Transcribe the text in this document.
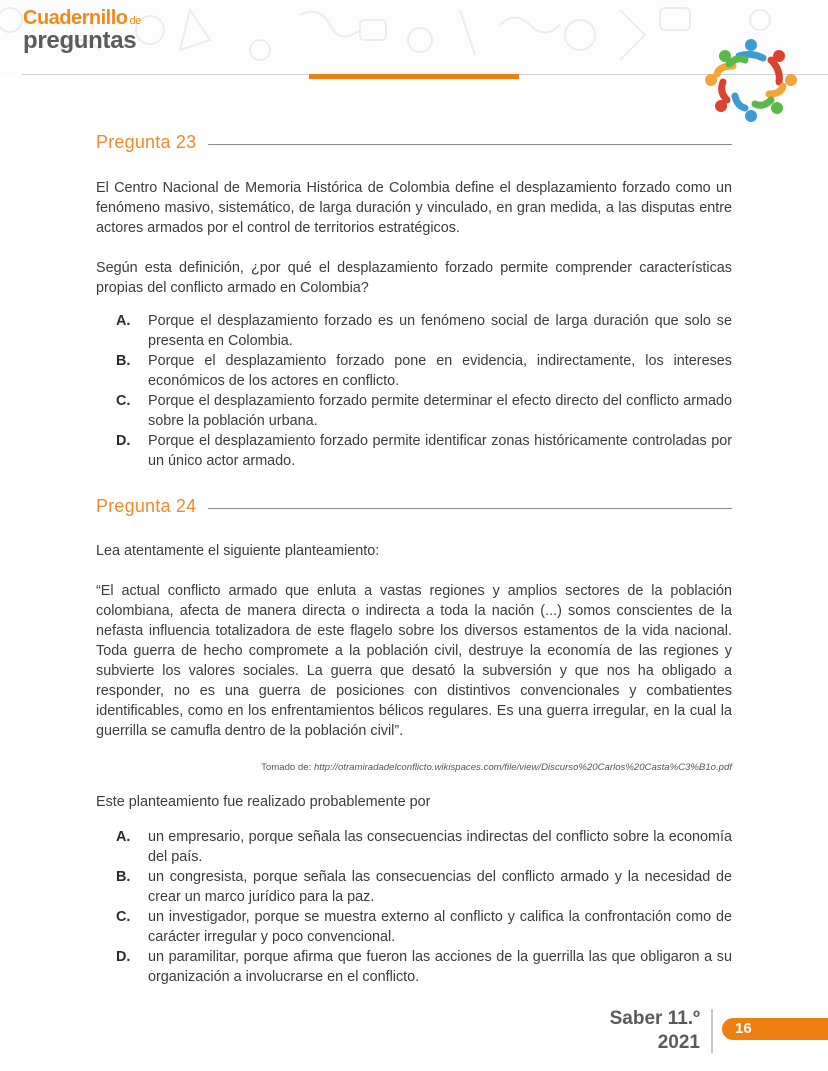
Cuadernillo de
preguntas
Pregunta 23
El Centro Nacional de Memoria Histórica de Colombia define el desplazamiento forzado como un fenómeno masivo, sistemático, de larga duración y vinculado, en gran medida, a las disputas entre actores armados por el control de territorios estratégicos.
Según esta definición, ¿por qué el desplazamiento forzado permite comprender características propias del conflicto armado en Colombia?
A.	Porque el desplazamiento forzado es un fenómeno social de larga duración que solo se presenta en Colombia.
B.	Porque el desplazamiento forzado pone en evidencia, indirectamente, los intereses económicos de los actores en conflicto.
C.	Porque el desplazamiento forzado permite determinar el efecto directo del conflicto armado sobre la población urbana.
D.	Porque el desplazamiento forzado permite identificar zonas históricamente controladas por un único actor armado.
Pregunta 24
Lea atentamente el siguiente planteamiento:
“El actual conflicto armado que enluta a vastas regiones y amplios sectores de la población colombiana, afecta de manera directa o indirecta a toda la nación (...) somos conscientes de la nefasta influencia totalizadora de este flagelo sobre los diversos estamentos de la vida nacional. Toda guerra de hecho compromete a la población civil, destruye la economía de las regiones y subvierte los valores sociales. La guerra que desató la subversión y que nos ha obligado a responder, no es una guerra de posiciones con distintivos convencionales y combatientes identificables, como en los enfrentamientos bélicos regulares. Es una guerra irregular, en la cual la guerrilla se camufla dentro de la población civil”.
Tomado de: http://otramiradadelconflicto.wikispaces.com/file/view/Discurso%20Carlos%20Casta%C3%B1o.pdf
Este planteamiento fue realizado probablemente por
A.	un empresario, porque señala las consecuencias indirectas del conflicto sobre la economía del país.
B.	un congresista, porque señala las consecuencias del conflicto armado y la necesidad de crear un marco jurídico para la paz.
C.	un investigador, porque se muestra externo al conflicto y califica la confrontación como de carácter irregular y poco convencional.
D.	un paramilitar, porque afirma que fueron las acciones de la guerrilla las que obligaron a su organización a involucrarse en el conflicto.
Saber 11.º
2021
16
